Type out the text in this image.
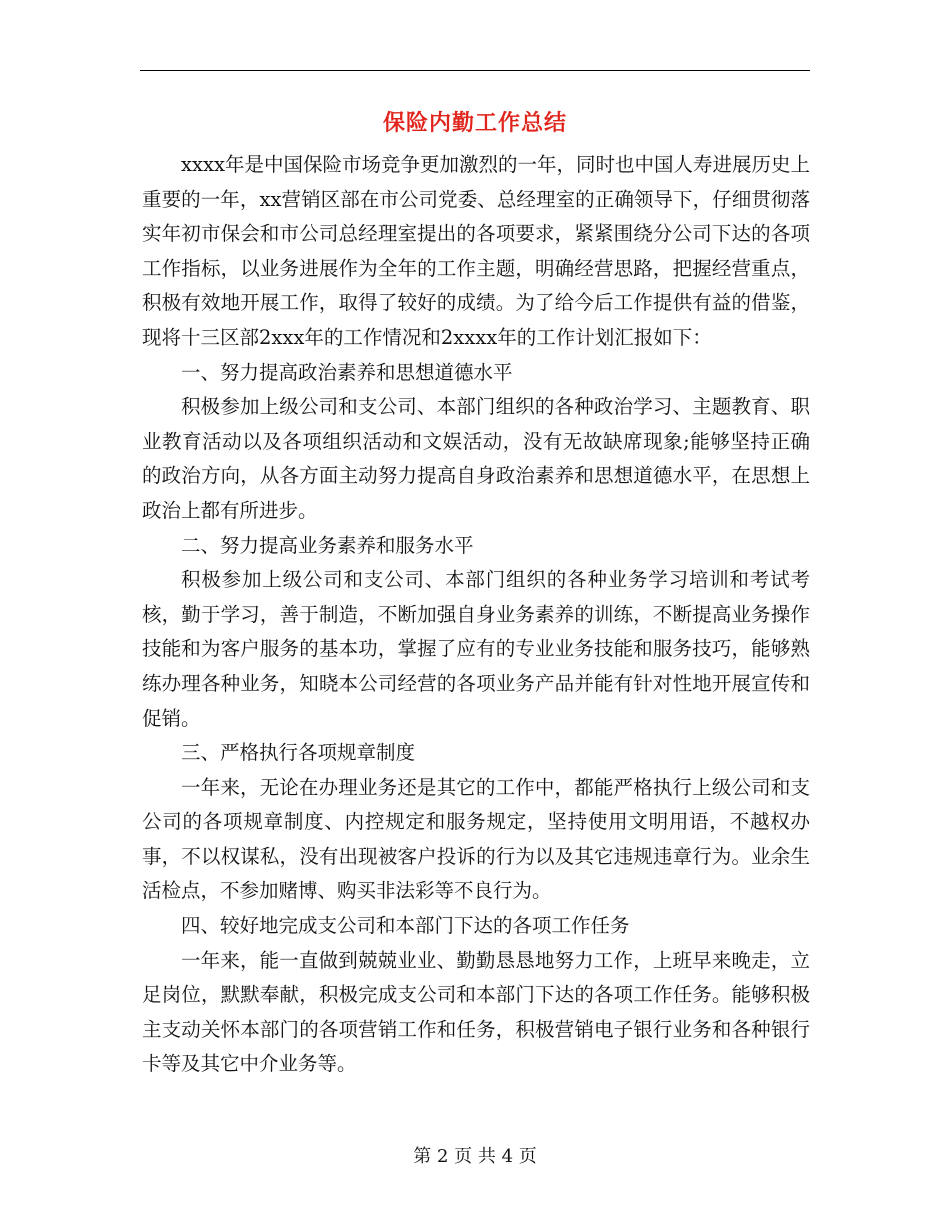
保险内勤工作总结

xxxx年是中国保险市场竞争更加激烈的一年，同时也中国人寿进展历史上重要的一年，xx营销区部在市公司党委、总经理室的正确领导下，仔细贯彻落实年初市保会和市公司总经理室提出的各项要求，紧紧围绕分公司下达的各项工作指标，以业务进展作为全年的工作主题，明确经营思路，把握经营重点，积极有效地开展工作，取得了较好的成绩。为了给今后工作提供有益的借鉴，现将十三区部2xxx年的工作情况和2xxxx年的工作计划汇报如下：

一、努力提高政治素养和思想道德水平

积极参加上级公司和支公司、本部门组织的各种政治学习、主题教育、职业教育活动以及各项组织活动和文娱活动，没有无故缺席现象;能够坚持正确的政治方向，从各方面主动努力提高自身政治素养和思想道德水平，在思想上政治上都有所进步。

二、努力提高业务素养和服务水平

积极参加上级公司和支公司、本部门组织的各种业务学习培训和考试考核，勤于学习，善于制造，不断加强自身业务素养的训练，不断提高业务操作技能和为客户服务的基本功，掌握了应有的专业业务技能和服务技巧，能够熟练办理各种业务，知晓本公司经营的各项业务产品并能有针对性地开展宣传和促销。

三、严格执行各项规章制度

一年来，无论在办理业务还是其它的工作中，都能严格执行上级公司和支公司的各项规章制度、内控规定和服务规定，坚持使用文明用语，不越权办事，不以权谋私，没有出现被客户投诉的行为以及其它违规违章行为。业余生活检点，不参加赌博、购买非法彩等不良行为。

四、较好地完成支公司和本部门下达的各项工作任务

一年来，能一直做到兢兢业业、勤勤恳恳地努力工作，上班早来晚走，立足岗位，默默奉献，积极完成支公司和本部门下达的各项工作任务。能够积极主支动关怀本部门的各项营销工作和任务，积极营销电子银行业务和各种银行卡等及其它中介业务等。

第 2 页 共 4 页
